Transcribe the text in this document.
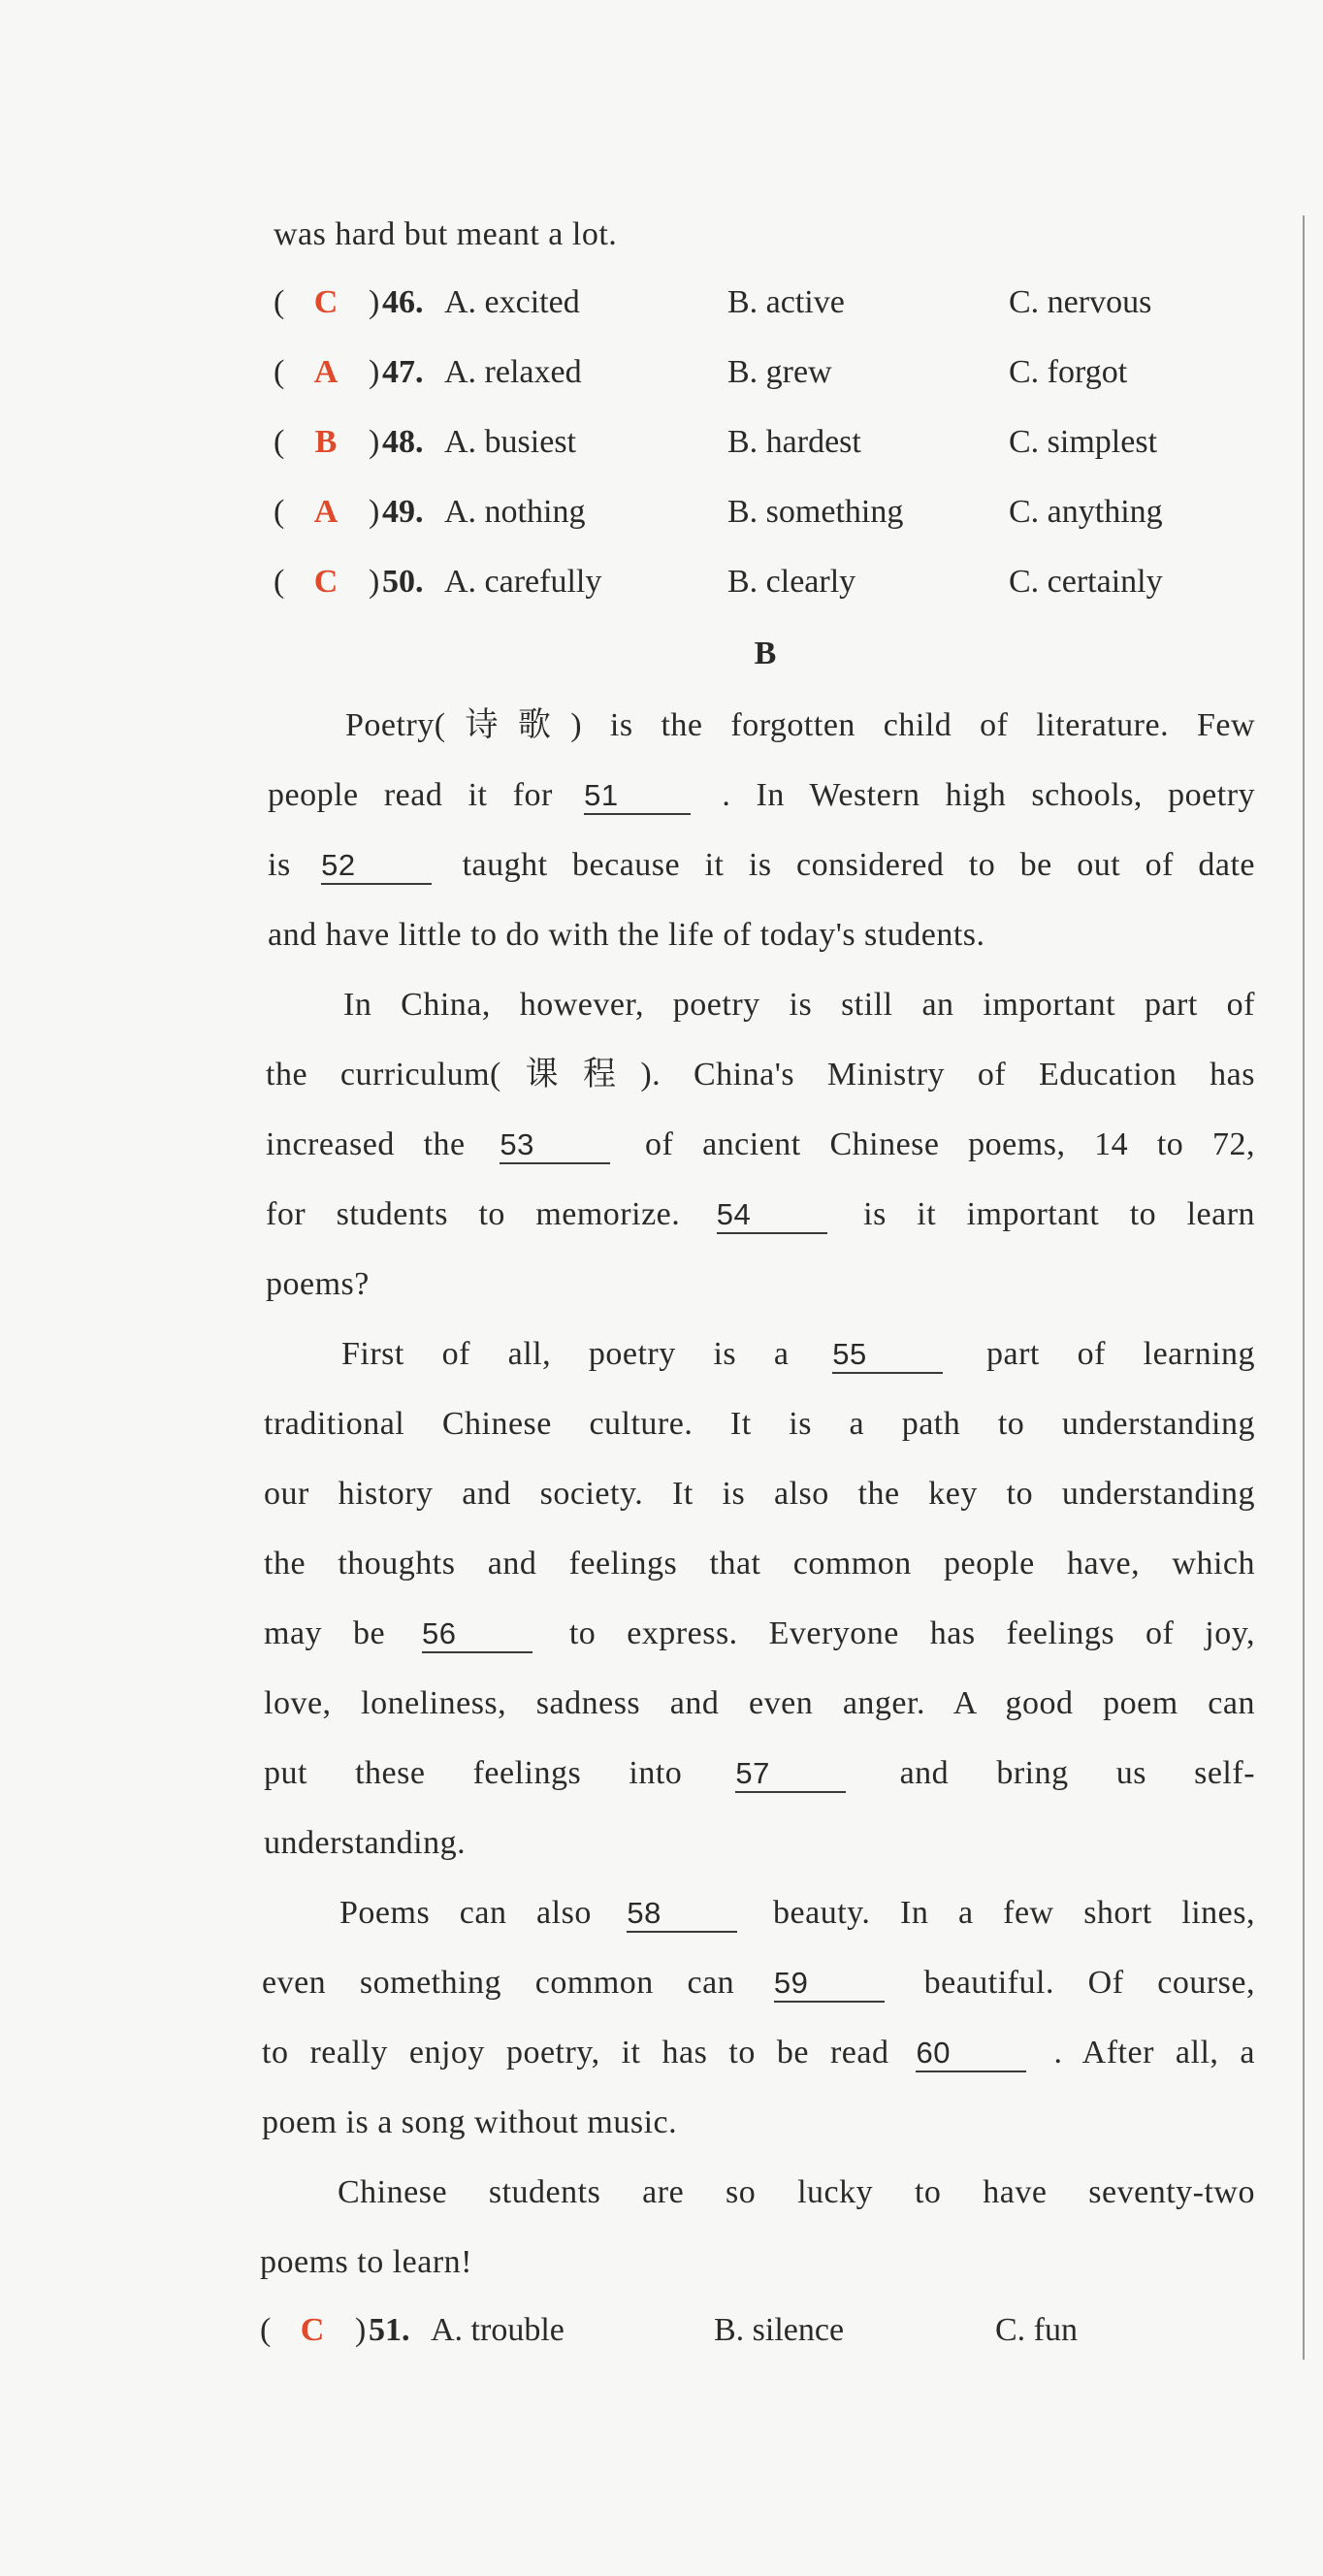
was hard but meant a lot.
( C ) 46. A. excited	B. active	C. nervous
( A ) 47. A. relaxed	B. grew	C. forgot
( B ) 48. A. busiest	B. hardest	C. simplest
( A ) 49. A. nothing	B. something	C. anything
( C ) 50. A. carefully	B. clearly	C. certainly
B
Poetry(诗歌) is the forgotten child of literature. Few
people read it for 51	. In Western high schools, poetry
is 52	taught because it is considered to be out of date
and have little to do with the life of today's students.
In China, however, poetry is still an important part of
the curriculum(课程). China's Ministry of Education has
increased the 53	of ancient Chinese poems, 14 to 72,
for students to memorize. 54	is it important to learn
poems?
First of all, poetry is a 55	part of learning
traditional Chinese culture. It is a path to understanding
our history and society. It is also the key to understanding
the thoughts and feelings that common people have, which
may be 56	to express. Everyone has feelings of joy,
love, loneliness, sadness and even anger. A good poem can
put these feelings into 57	and bring us self-
understanding.
Poems can also 58	beauty. In a few short lines,
even something common can 59	beautiful. Of course,
to really enjoy poetry, it has to be read 60	. After all, a
poem is a song without music.
Chinese students are so lucky to have seventy-two
poems to learn!
( C ) 51. A. trouble	B. silence	C. fun
